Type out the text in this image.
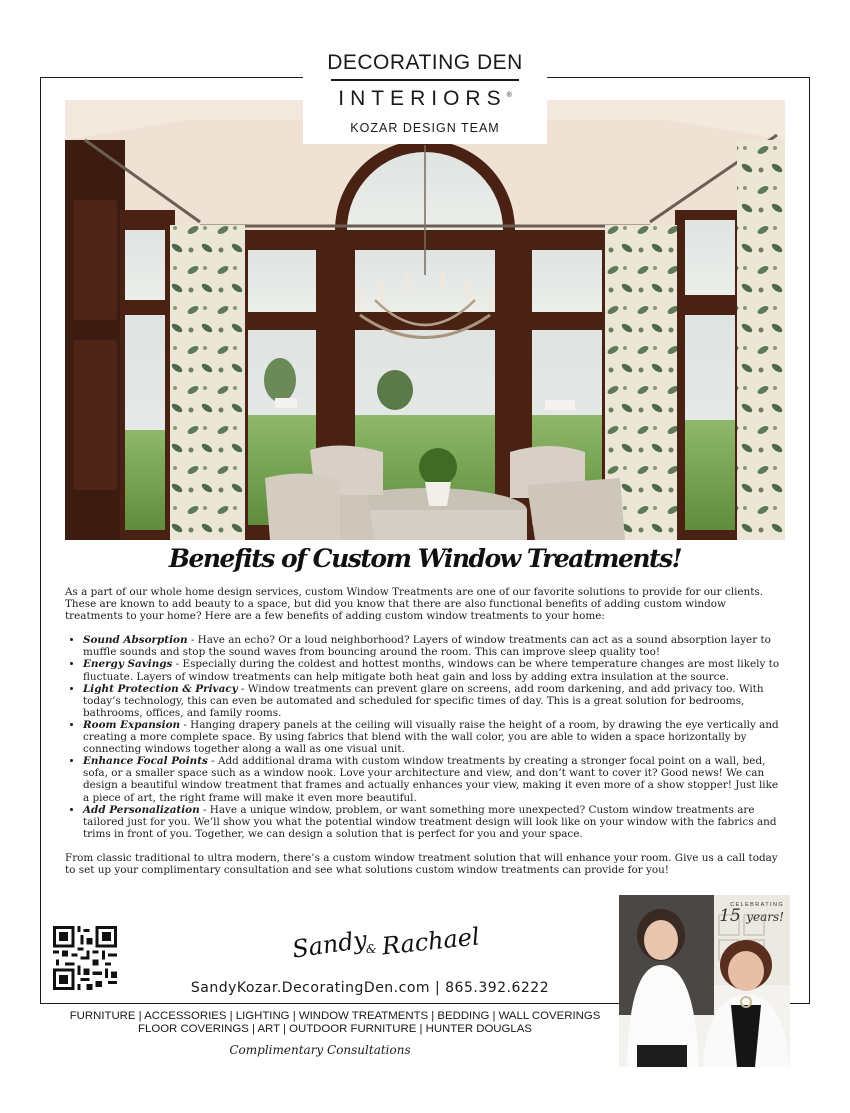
DECORATING DEN
INTERIORS®
KOZAR DESIGN TEAM
Benefits of Custom Window Treatments!

As a part of our whole home design services, custom Window Treatments are one of our favorite solutions to provide for our clients. These are known to add beauty to a space, but did you know that there are also functional benefits of adding custom window treatments to your home? Here are a few benefits of adding custom window treatments to your home:

• Sound Absorption - Have an echo? Or a loud neighborhood? Layers of window treatments can act as a sound absorption layer to muffle sounds and stop the sound waves from bouncing around the room. This can improve sleep quality too!
• Energy Savings - Especially during the coldest and hottest months, windows can be where temperature changes are most likely to fluctuate. Layers of window treatments can help mitigate both heat gain and loss by adding extra insulation at the source.
• Light Protection & Privacy - Window treatments can prevent glare on screens, add room darkening, and add privacy too. With today’s technology, this can even be automated and scheduled for specific times of day. This is a great solution for bedrooms, bathrooms, offices, and family rooms.
• Room Expansion - Hanging drapery panels at the ceiling will visually raise the height of a room, by drawing the eye vertically and creating a more complete space. By using fabrics that blend with the wall color, you are able to widen a space horizontally by connecting windows together along a wall as one visual unit.
• Enhance Focal Points - Add additional drama with custom window treatments by creating a stronger focal point on a wall, bed, sofa, or a smaller space such as a window nook. Love your architecture and view, and don’t want to cover it? Good news! We can design a beautiful window treatment that frames and actually enhances your view, making it even more of a show stopper! Just like a piece of art, the right frame will make it even more beautiful.
• Add Personalization - Have a unique window, problem, or want something more unexpected? Custom window treatments are tailored just for you. We’ll show you what the potential window treatment design will look like on your window with the fabrics and trims in front of you. Together, we can design a solution that is perfect for you and your space.

From classic traditional to ultra modern, there’s a custom window treatment solution that will enhance your room. Give us a call today to set up your complimentary consultation and see what solutions custom window treatments can provide for you!

Sandy
& Rachael
SandyKozar.DecoratingDen.com | 865.392.6222
FURNITURE | ACCESSORIES | LIGHTING | WINDOW TREATMENTS | BEDDING | WALL COVERINGS
FLOOR COVERINGS | ART | OUTDOOR FURNITURE | HUNTER DOUGLAS
Complimentary Consultations
CELEBRATING
15 years!
